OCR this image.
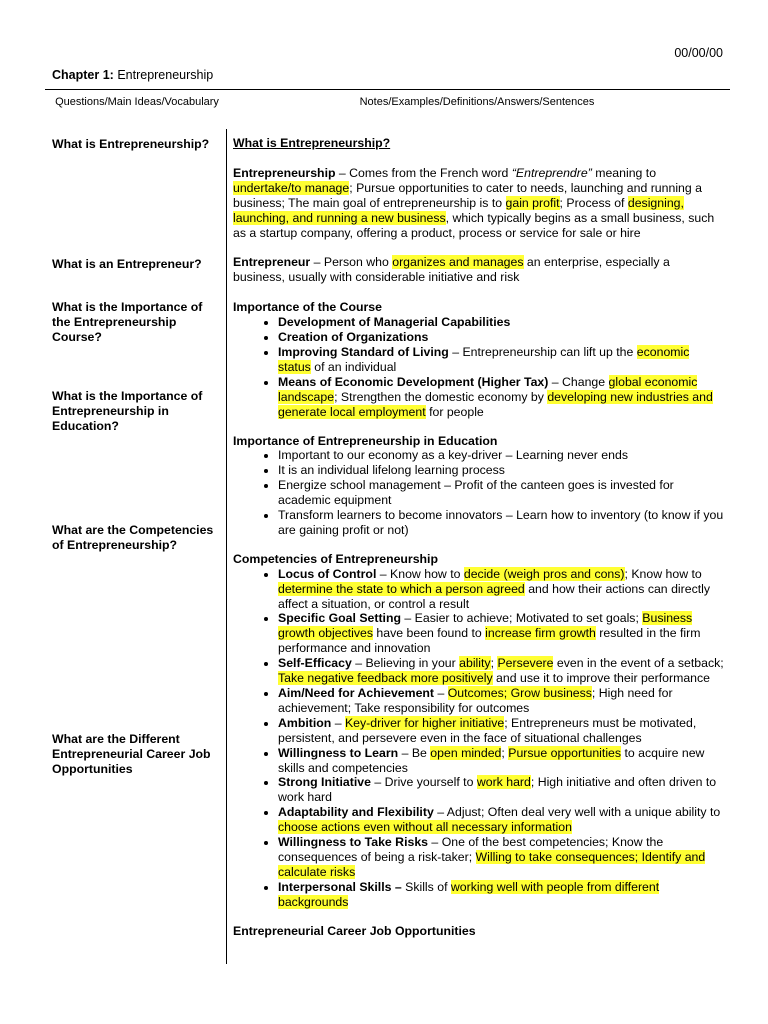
00/00/00
Chapter 1: Entrepreneurship
Questions/Main Ideas/Vocabulary	Notes/Examples/Definitions/Answers/Sentences
What is Entrepreneurship?
What is an Entrepreneur?
What is the Importance of the Entrepreneurship Course?
What is the Importance of Entrepreneurship in Education?
What are the Competencies of Entrepreneurship?
What are the Different Entrepreneurial Career Job Opportunities

What is Entrepreneurship?

Entrepreneurship – Comes from the French word “Entreprendre” meaning to undertake/to manage; Pursue opportunities to cater to needs, launching and running a business; The main goal of entrepreneurship is to gain profit; Process of designing, launching, and running a new business, which typically begins as a small business, such as a startup company, offering a product, process or service for sale or hire

Entrepreneur – Person who organizes and manages an enterprise, especially a business, usually with considerable initiative and risk

Importance of the Course

• Development of Managerial Capabilities
• Creation of Organizations
• Improving Standard of Living – Entrepreneurship can lift up the economic status of an individual
• Means of Economic Development (Higher Tax) – Change global economic landscape; Strengthen the domestic economy by developing new industries and generate local employment for people

Importance of Entrepreneurship in Education

• Important to our economy as a key-driver – Learning never ends
• It is an individual lifelong learning process
• Energize school management – Profit of the canteen goes is invested for academic equipment
• Transform learners to become innovators – Learn how to inventory (to know if you are gaining profit or not)

Competencies of Entrepreneurship

• Locus of Control – Know how to decide (weigh pros and cons); Know how to determine the state to which a person agreed and how their actions can directly affect a situation, or control a result
• Specific Goal Setting – Easier to achieve; Motivated to set goals; Business growth objectives have been found to increase firm growth resulted in the firm performance and innovation
• Self-Efficacy – Believing in your ability; Persevere even in the event of a setback; Take negative feedback more positively and use it to improve their performance
• Aim/Need for Achievement – Outcomes; Grow business; High need for achievement; Take responsibility for outcomes
• Ambition – Key-driver for higher initiative; Entrepreneurs must be motivated, persistent, and persevere even in the face of situational challenges
• Willingness to Learn – Be open minded; Pursue opportunities to acquire new skills and competencies
• Strong Initiative – Drive yourself to work hard; High initiative and often driven to work hard
• Adaptability and Flexibility – Adjust; Often deal very well with a unique ability to choose actions even without all necessary information
• Willingness to Take Risks – One of the best competencies; Know the consequences of being a risk-taker; Willing to take consequences; Identify and calculate risks
• Interpersonal Skills – Skills of working well with people from different backgrounds

Entrepreneurial Career Job Opportunities
